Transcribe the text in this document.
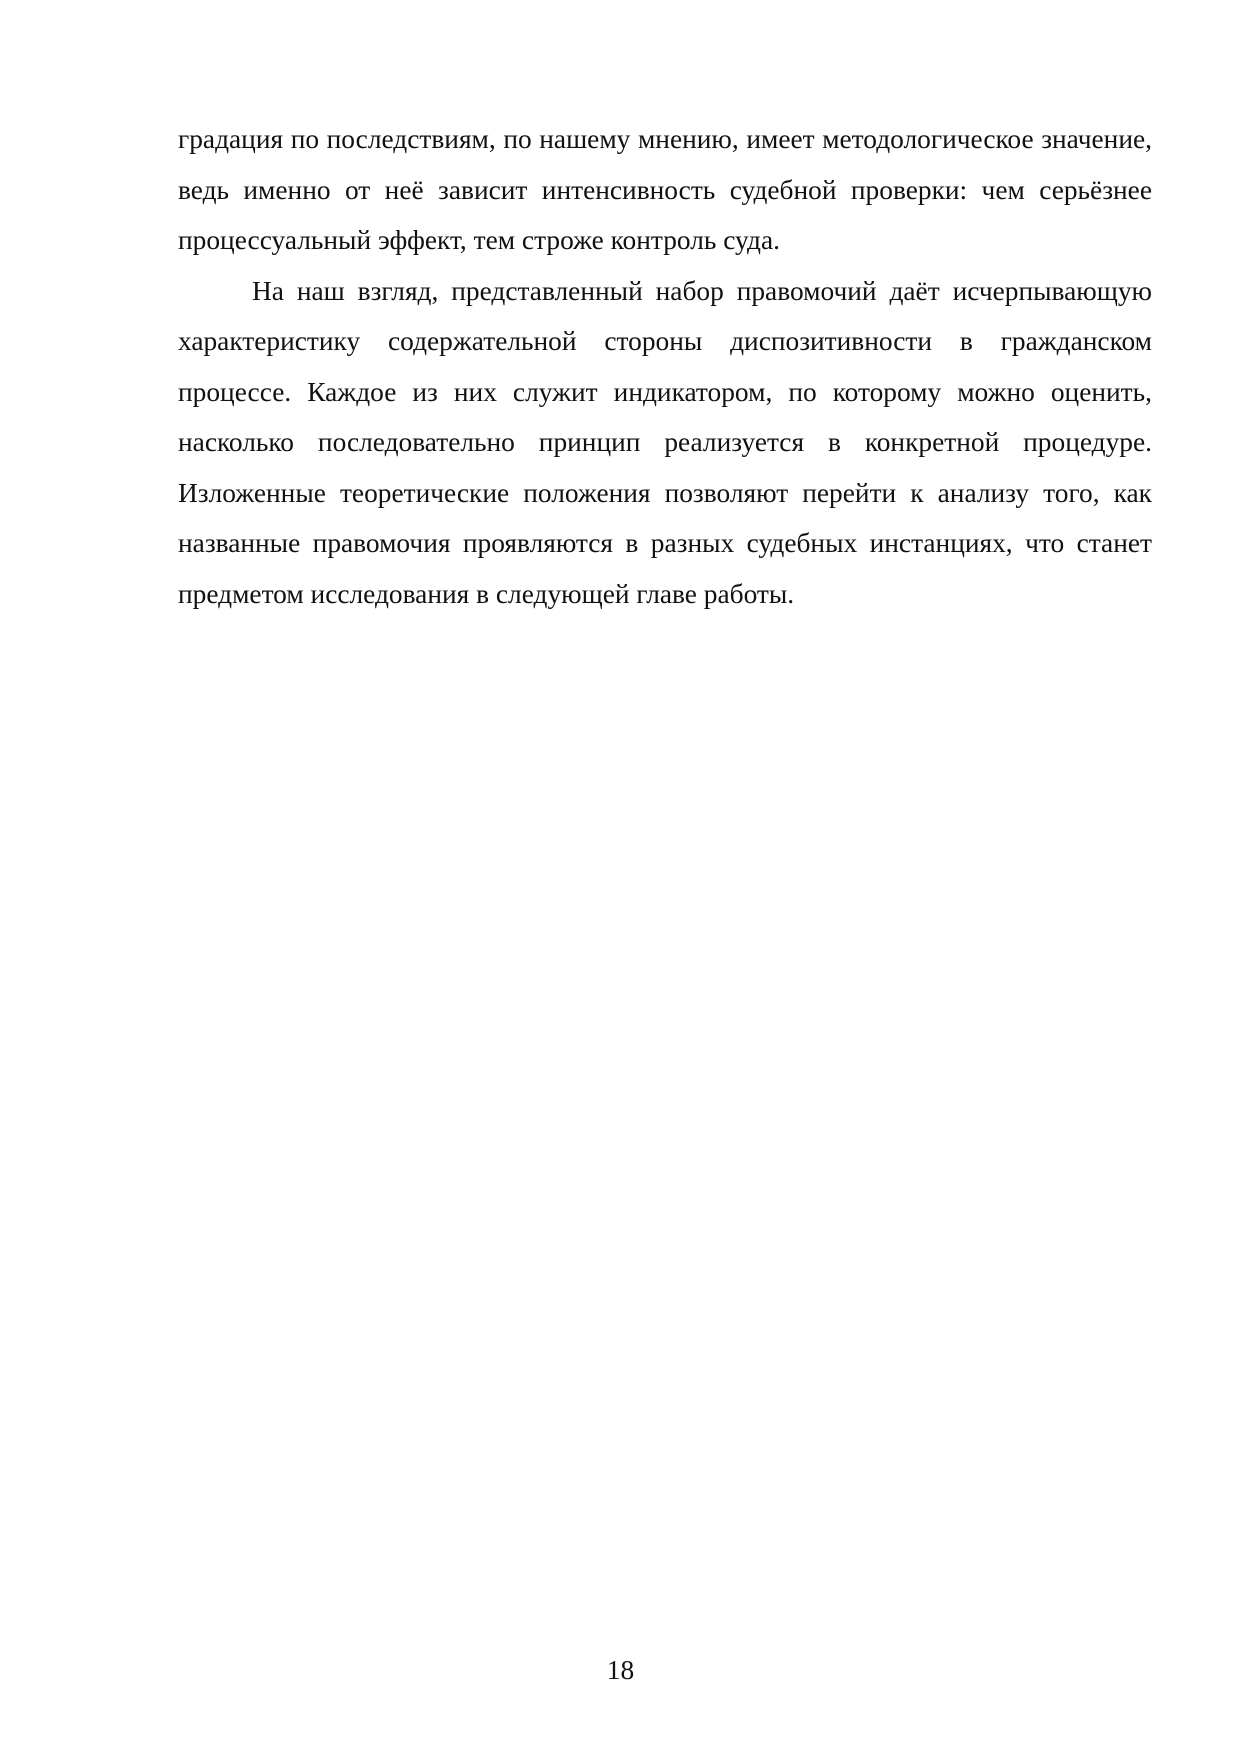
градация по последствиям, по нашему мнению, имеет методологическое значение, ведь именно от неё зависит интенсивность судебной проверки: чем серьёзнее процессуальный эффект, тем строже контроль суда.

На наш взгляд, представленный набор правомочий даёт исчерпывающую характеристику содержательной стороны диспозитивности в гражданском процессе. Каждое из них служит индикатором, по которому можно оценить, насколько последовательно принцип реализуется в конкретной процедуре. Изложенные теоретические положения позволяют перейти к анализу того, как названные правомочия проявляются в разных судебных инстанциях, что станет предметом исследования в следующей главе работы.

18
